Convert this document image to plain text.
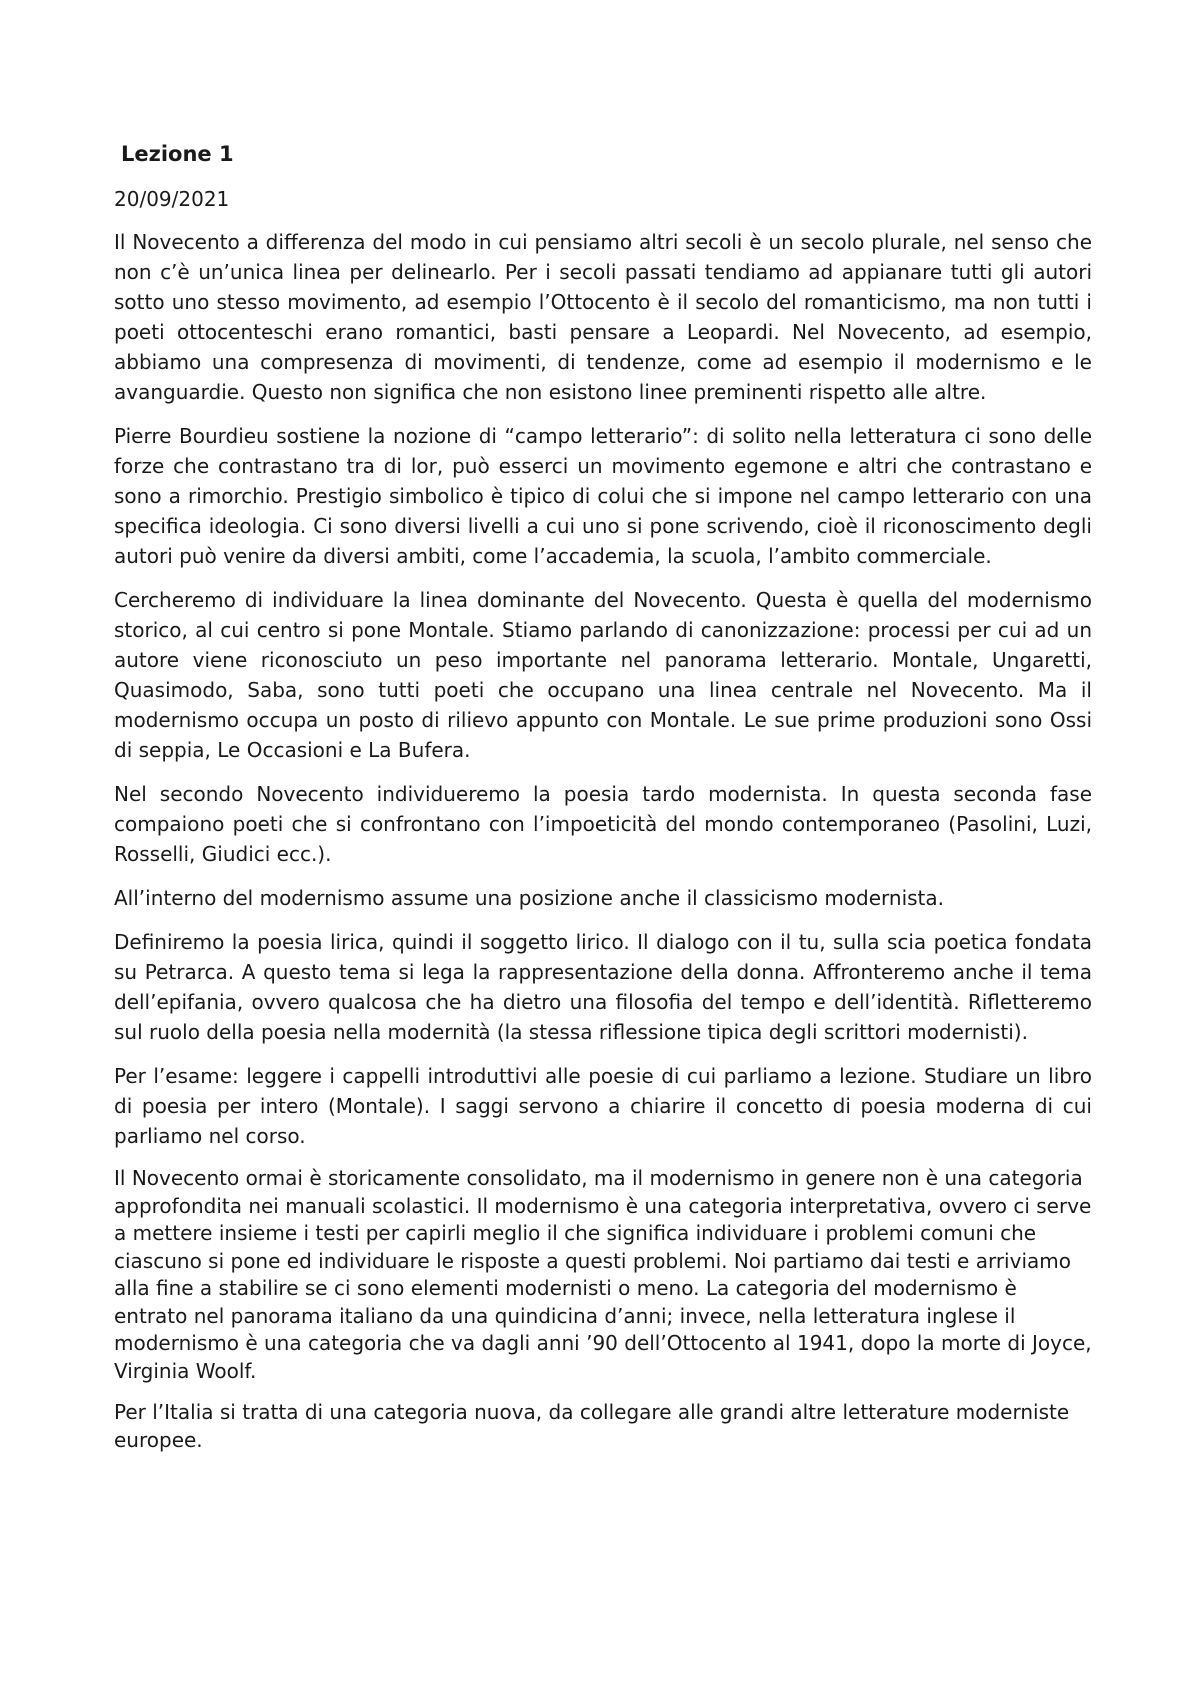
Lezione 1
20/09/2021

Il Novecento a differenza del modo in cui pensiamo altri secoli è un secolo plurale, nel senso che non c’è un’unica linea per delinearlo. Per i secoli passati tendiamo ad appianare tutti gli autori sotto uno stesso movimento, ad esempio l’Ottocento è il secolo del romanticismo, ma non tutti i poeti ottocenteschi erano romantici, basti pensare a Leopardi. Nel Novecento, ad esempio, abbiamo una compresenza di movimenti, di tendenze, come ad esempio il modernismo e le avanguardie. Questo non significa che non esistono linee preminenti rispetto alle altre.

Pierre Bourdieu sostiene la nozione di “campo letterario”: di solito nella letteratura ci sono delle forze che contrastano tra di lor, può esserci un movimento egemone e altri che contrastano e sono a rimorchio. Prestigio simbolico è tipico di colui che si impone nel campo letterario con una specifica ideologia. Ci sono diversi livelli a cui uno si pone scrivendo, cioè il riconoscimento degli autori può venire da diversi ambiti, come l’accademia, la scuola, l’ambito commerciale.

Cercheremo di individuare la linea dominante del Novecento. Questa è quella del modernismo storico, al cui centro si pone Montale. Stiamo parlando di canonizzazione: processi per cui ad un autore viene riconosciuto un peso importante nel panorama letterario. Montale, Ungaretti, Quasimodo, Saba, sono tutti poeti che occupano una linea centrale nel Novecento. Ma il modernismo occupa un posto di rilievo appunto con Montale. Le sue prime produzioni sono Ossi di seppia, Le Occasioni e La Bufera.

Nel secondo Novecento individueremo la poesia tardo modernista. In questa seconda fase compaiono poeti che si confrontano con l’impoeticità del mondo contemporaneo (Pasolini, Luzi, Rosselli, Giudici ecc.).

All’interno del modernismo assume una posizione anche il classicismo modernista.

Definiremo la poesia lirica, quindi il soggetto lirico. Il dialogo con il tu, sulla scia poetica fondata su Petrarca. A questo tema si lega la rappresentazione della donna. Affronteremo anche il tema dell’epifania, ovvero qualcosa che ha dietro una filosofia del tempo e dell’identità. Rifletteremo sul ruolo della poesia nella modernità (la stessa riflessione tipica degli scrittori modernisti).

Per l’esame: leggere i cappelli introduttivi alle poesie di cui parliamo a lezione. Studiare un libro di poesia per intero (Montale). I saggi servono a chiarire il concetto di poesia moderna di cui parliamo nel corso.

Il Novecento ormai è storicamente consolidato, ma il modernismo in genere non è una categoria approfondita nei manuali scolastici. Il modernismo è una categoria interpretativa, ovvero ci serve a mettere insieme i testi per capirli meglio il che significa individuare i problemi comuni che ciascuno si pone ed individuare le risposte a questi problemi. Noi partiamo dai testi e arriviamo alla fine a stabilire se ci sono elementi modernisti o meno. La categoria del modernismo è entrato nel panorama italiano da una quindicina d’anni; invece, nella letteratura inglese il modernismo è una categoria che va dagli anni ’90 dell’Ottocento al 1941, dopo la morte di Joyce, Virginia Woolf.

Per l’Italia si tratta di una categoria nuova, da collegare alle grandi altre letterature moderniste europee.
